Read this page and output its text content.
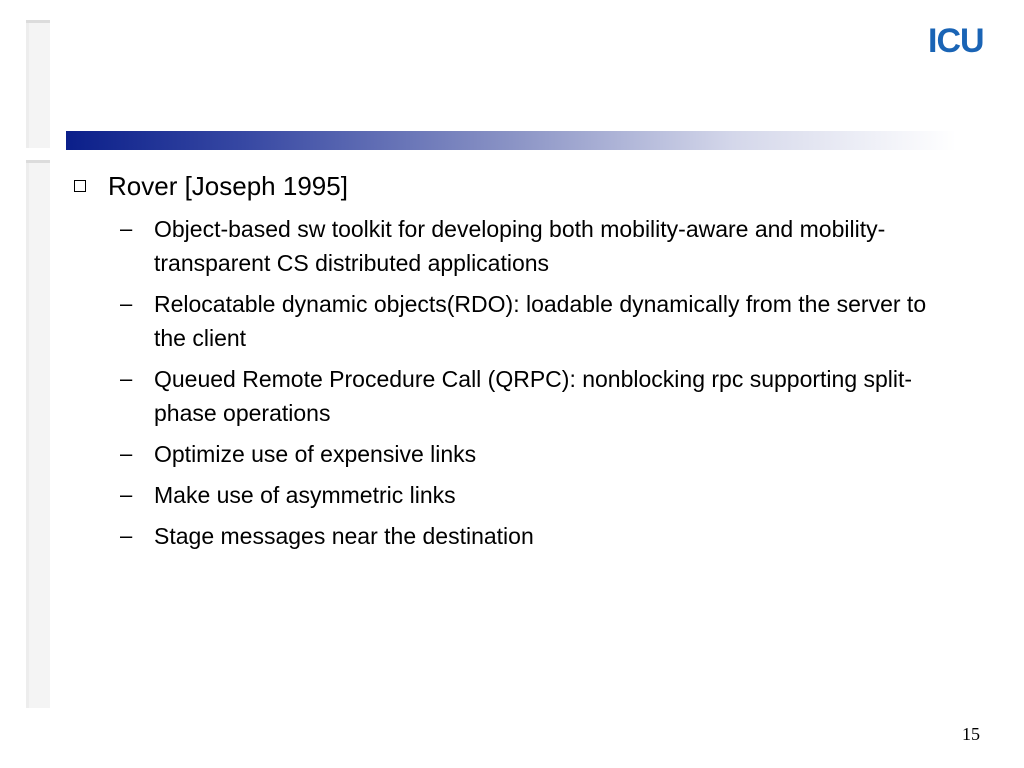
ICU
Rover [Joseph 1995]
– Object-based sw toolkit for developing both mobility-aware and mobility-transparent CS distributed applications
– Relocatable dynamic objects(RDO): loadable dynamically from the server to the client
– Queued Remote Procedure Call (QRPC): nonblocking rpc supporting split-phase operations
– Optimize use of expensive links
– Make use of asymmetric links
– Stage messages near the destination
15
